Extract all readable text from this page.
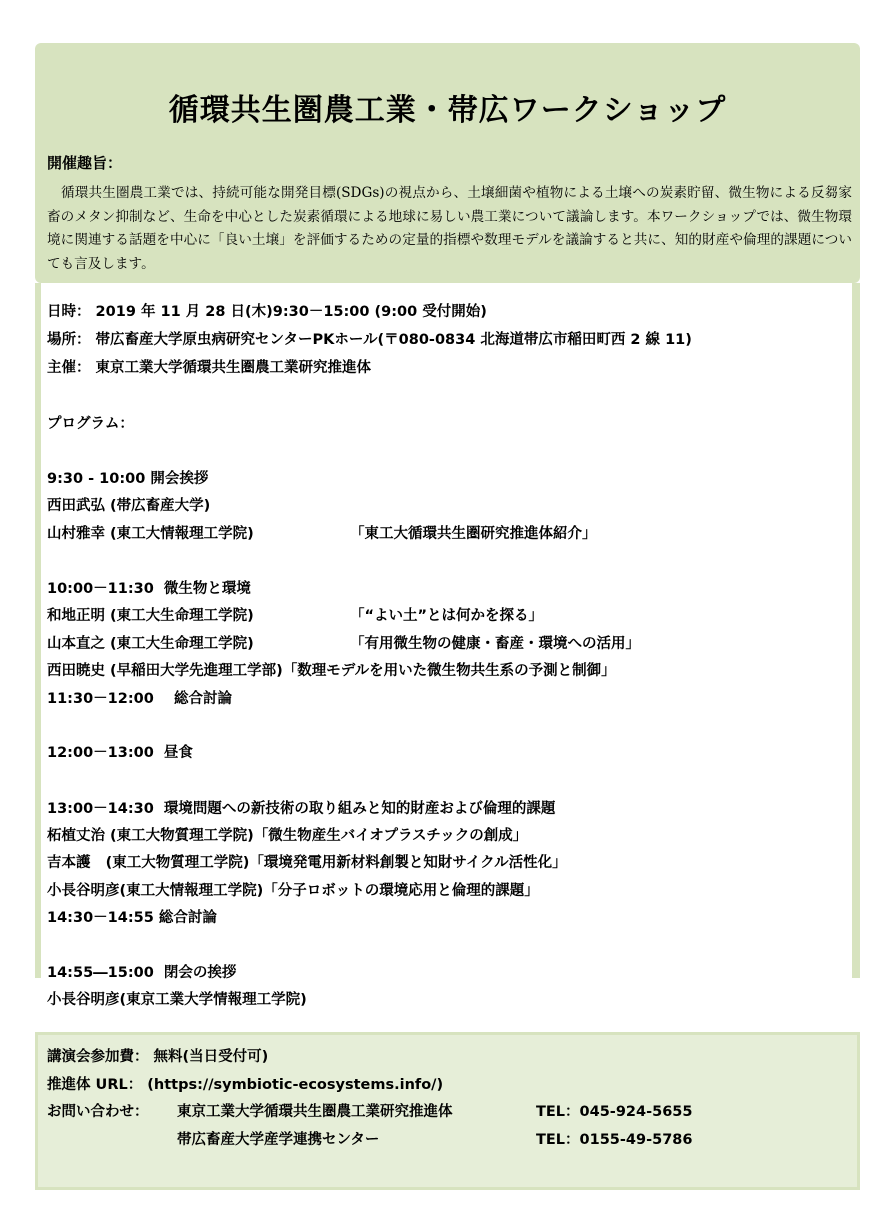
循環共生圏農工業・帯広ワークショップ
開催趣旨：
循環共生圏農工業では、持続可能な開発目標(SDGs)の視点から、土壌細菌や植物による土壌への炭素貯留、微生物による反芻家畜のメタン抑制など、生命を中心とした炭素循環による地球に易しい農工業について議論します。本ワークショップでは、微生物環境に関連する話題を中心に「良い土壌」を評価するための定量的指標や数理モデルを議論すると共に、知的財産や倫理的課題についても言及します。
日時： 2019 年 11 月 28 日(木)9:30－15:00 (9:00 受付開始)
場所： 帯広畜産大学原虫病研究センターPKホール(〒080-0834 北海道帯広市稲田町西 2 線 11)
主催： 東京工業大学循環共生圏農工業研究推進体
プログラム：
9:30 - 10:00 開会挨拶
西田武弘 (帯広畜産大学)
山村雅幸 (東工大情報理工学院)	「東工大循環共生圏研究推進体紹介」
10:00－11:30  微生物と環境
和地正明 (東工大生命理工学院)	「“よい土”とは何かを探る」
山本直之 (東工大生命理工学院)	「有用微生物の健康・畜産・環境への活用」
西田暁史 (早稲田大学先進理工学部)「数理モデルを用いた微生物共生系の予測と制御」
11:30－12:00    総合討論
12:00－13:00  昼食
13:00－14:30  環境問題への新技術の取り組みと知的財産および倫理的課題
柘植丈治 (東工大物質理工学院)「微生物産生バイオプラスチックの創成」
吉本護   (東工大物質理工学院)「環境発電用新材料創製と知財サイクル活性化」
小長谷明彦(東工大情報理工学院)「分子ロボットの環境応用と倫理的課題」
14:30－14:55 総合討論
14:55―15:00  閉会の挨拶
小長谷明彦(東京工業大学情報理工学院)
講演会参加費： 無料(当日受付可)
推進体 URL： (https://symbiotic-ecosystems.info/)
お問い合わせ： 東京工業大学循環共生圏農工業研究推進体	TEL：045-924-5655
帯広畜産大学産学連携センター	TEL：0155-49-5786
